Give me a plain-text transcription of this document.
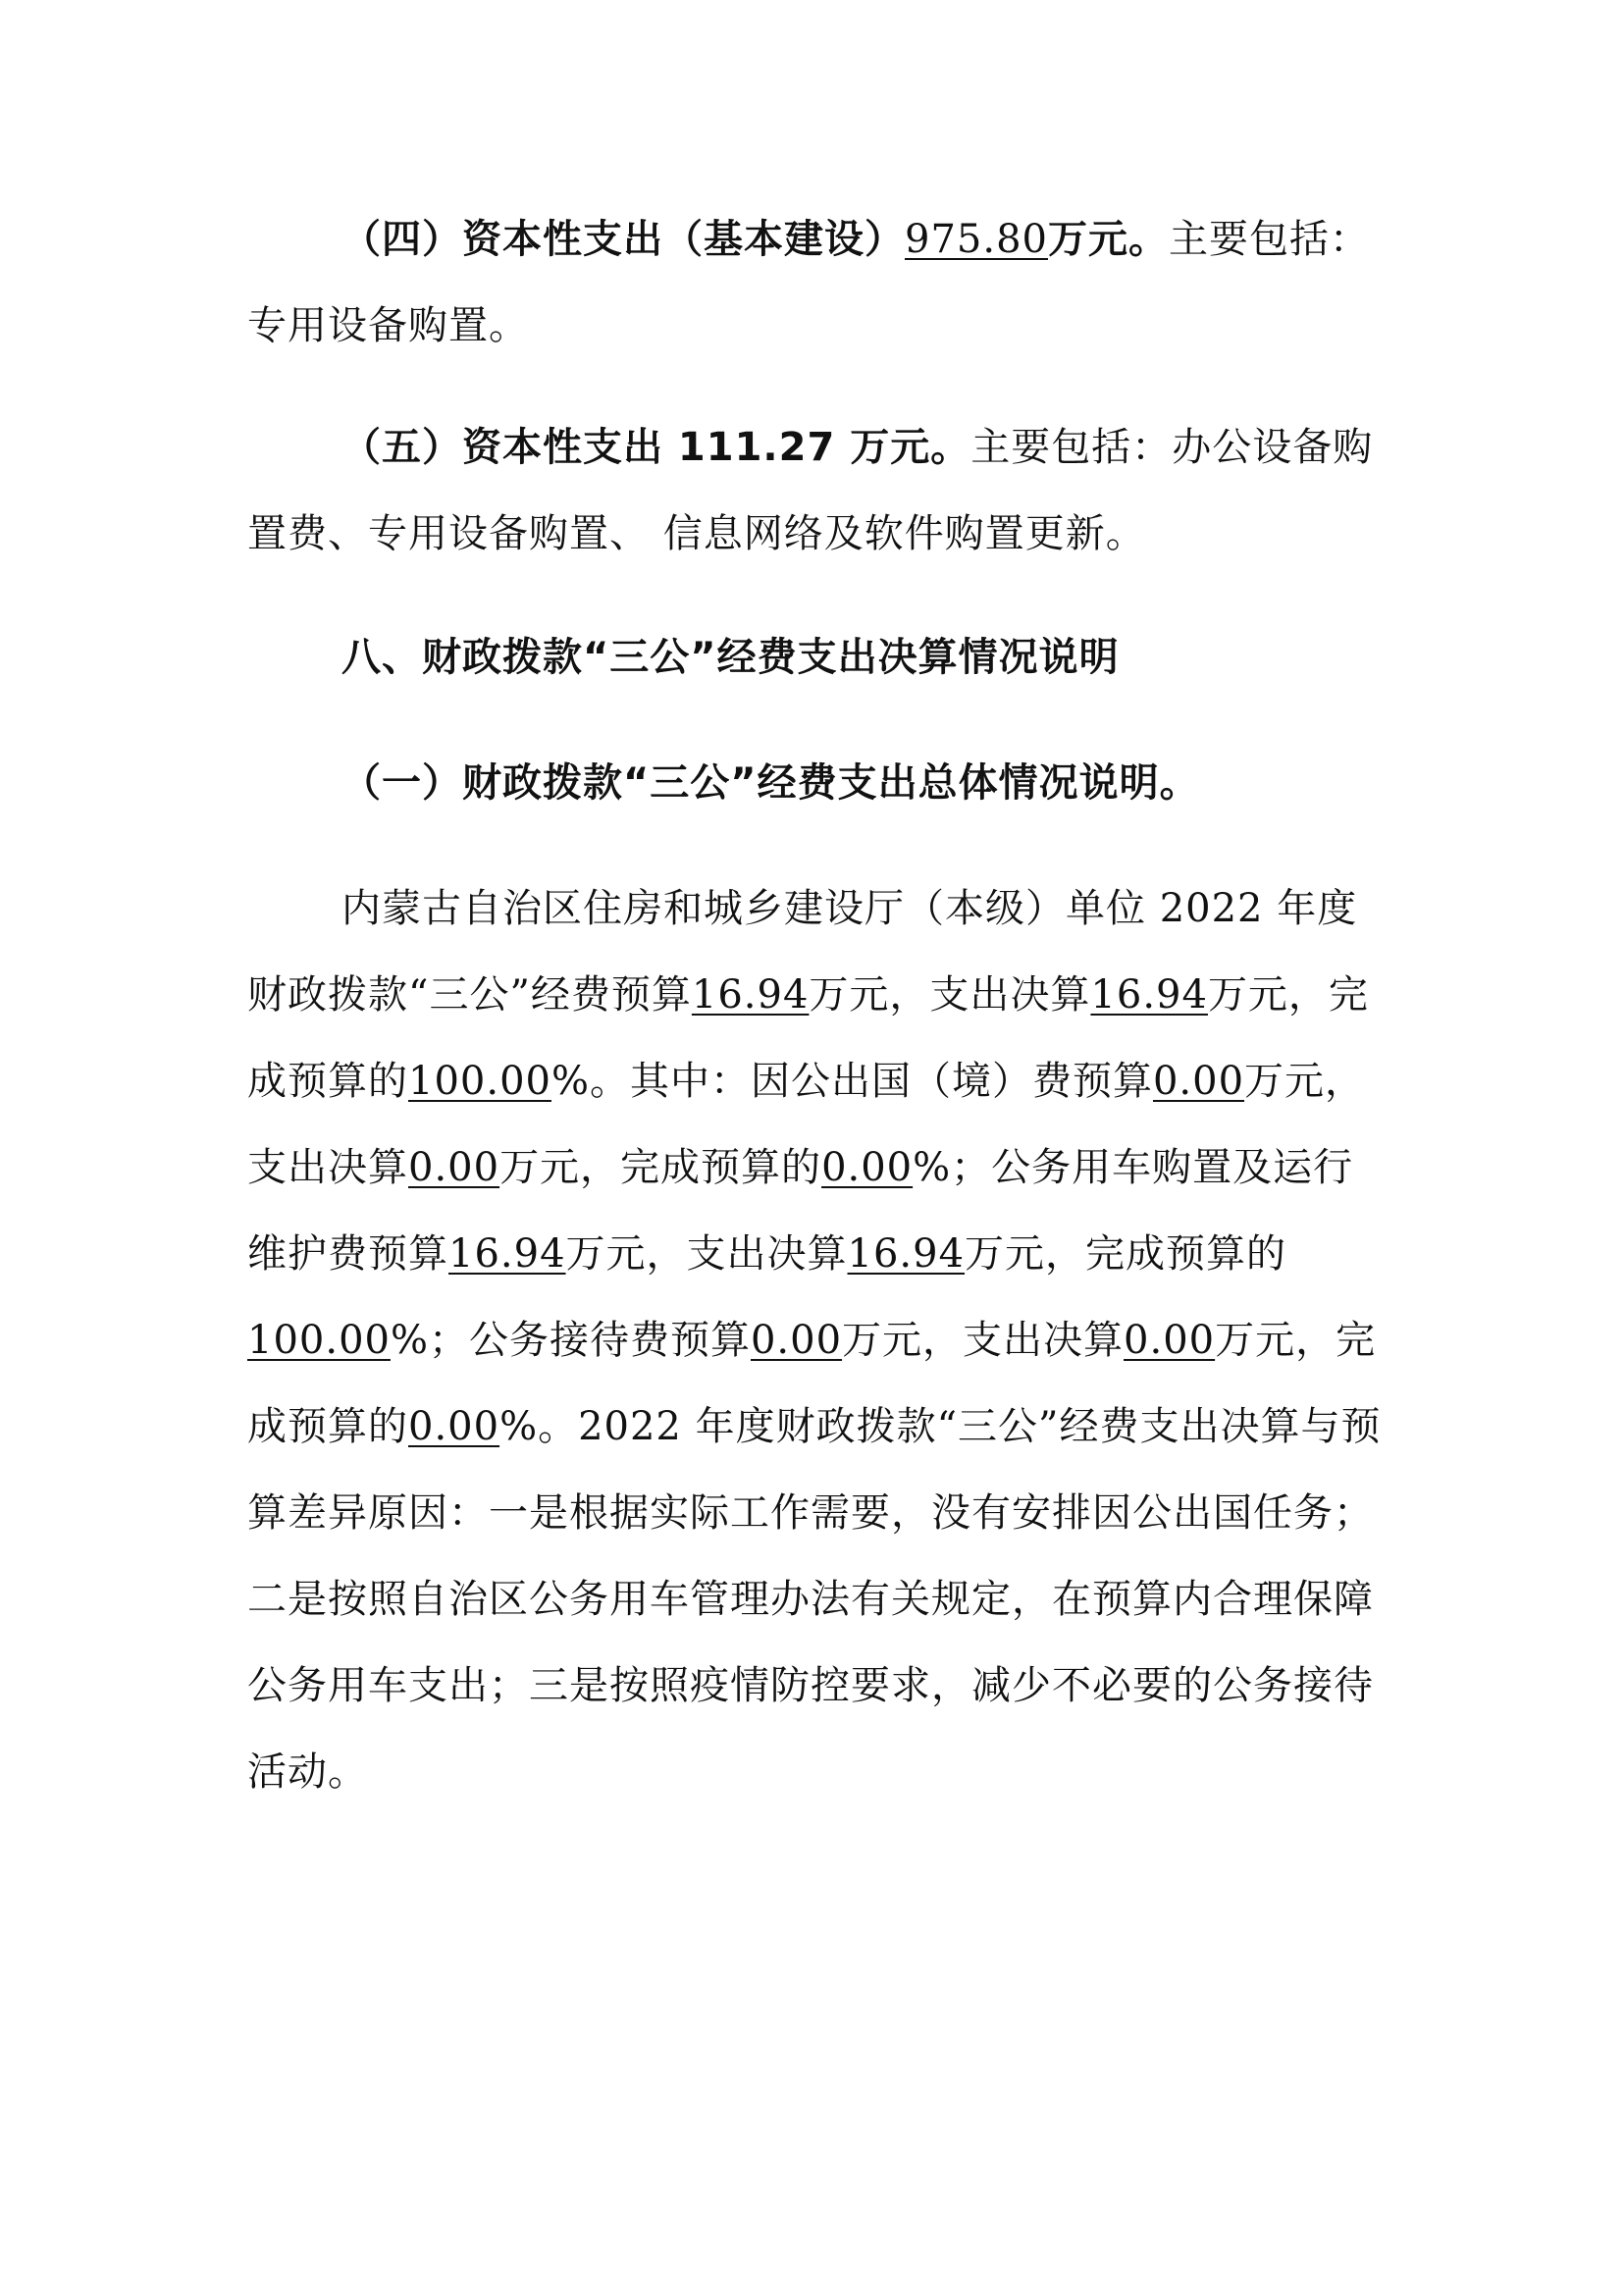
（四）资本性支出（基本建设）975.80万元。主要包括：专用设备购置。

（五）资本性支出 111.27 万元。主要包括：办公设备购置费、专用设备购置、 信息网络及软件购置更新。

八、财政拨款“三公”经费支出决算情况说明

（一）财政拨款“三公”经费支出总体情况说明。

内蒙古自治区住房和城乡建设厅（本级）单位 2022 年度财政拨款“三公”经费预算16.94万元，支出决算16.94万元，完成预算的100.00%。其中：因公出国（境）费预算0.00万元，支出决算0.00万元，完成预算的0.00%；公务用车购置及运行维护费预算16.94万元，支出决算16.94万元，完成预算的100.00%；公务接待费预算0.00万元，支出决算0.00万元，完成预算的0.00%。2022 年度财政拨款“三公”经费支出决算与预算差异原因：一是根据实际工作需要，没有安排因公出国任务；二是按照自治区公务用车管理办法有关规定，在预算内合理保障公务用车支出；三是按照疫情防控要求，减少不必要的公务接待活动。
